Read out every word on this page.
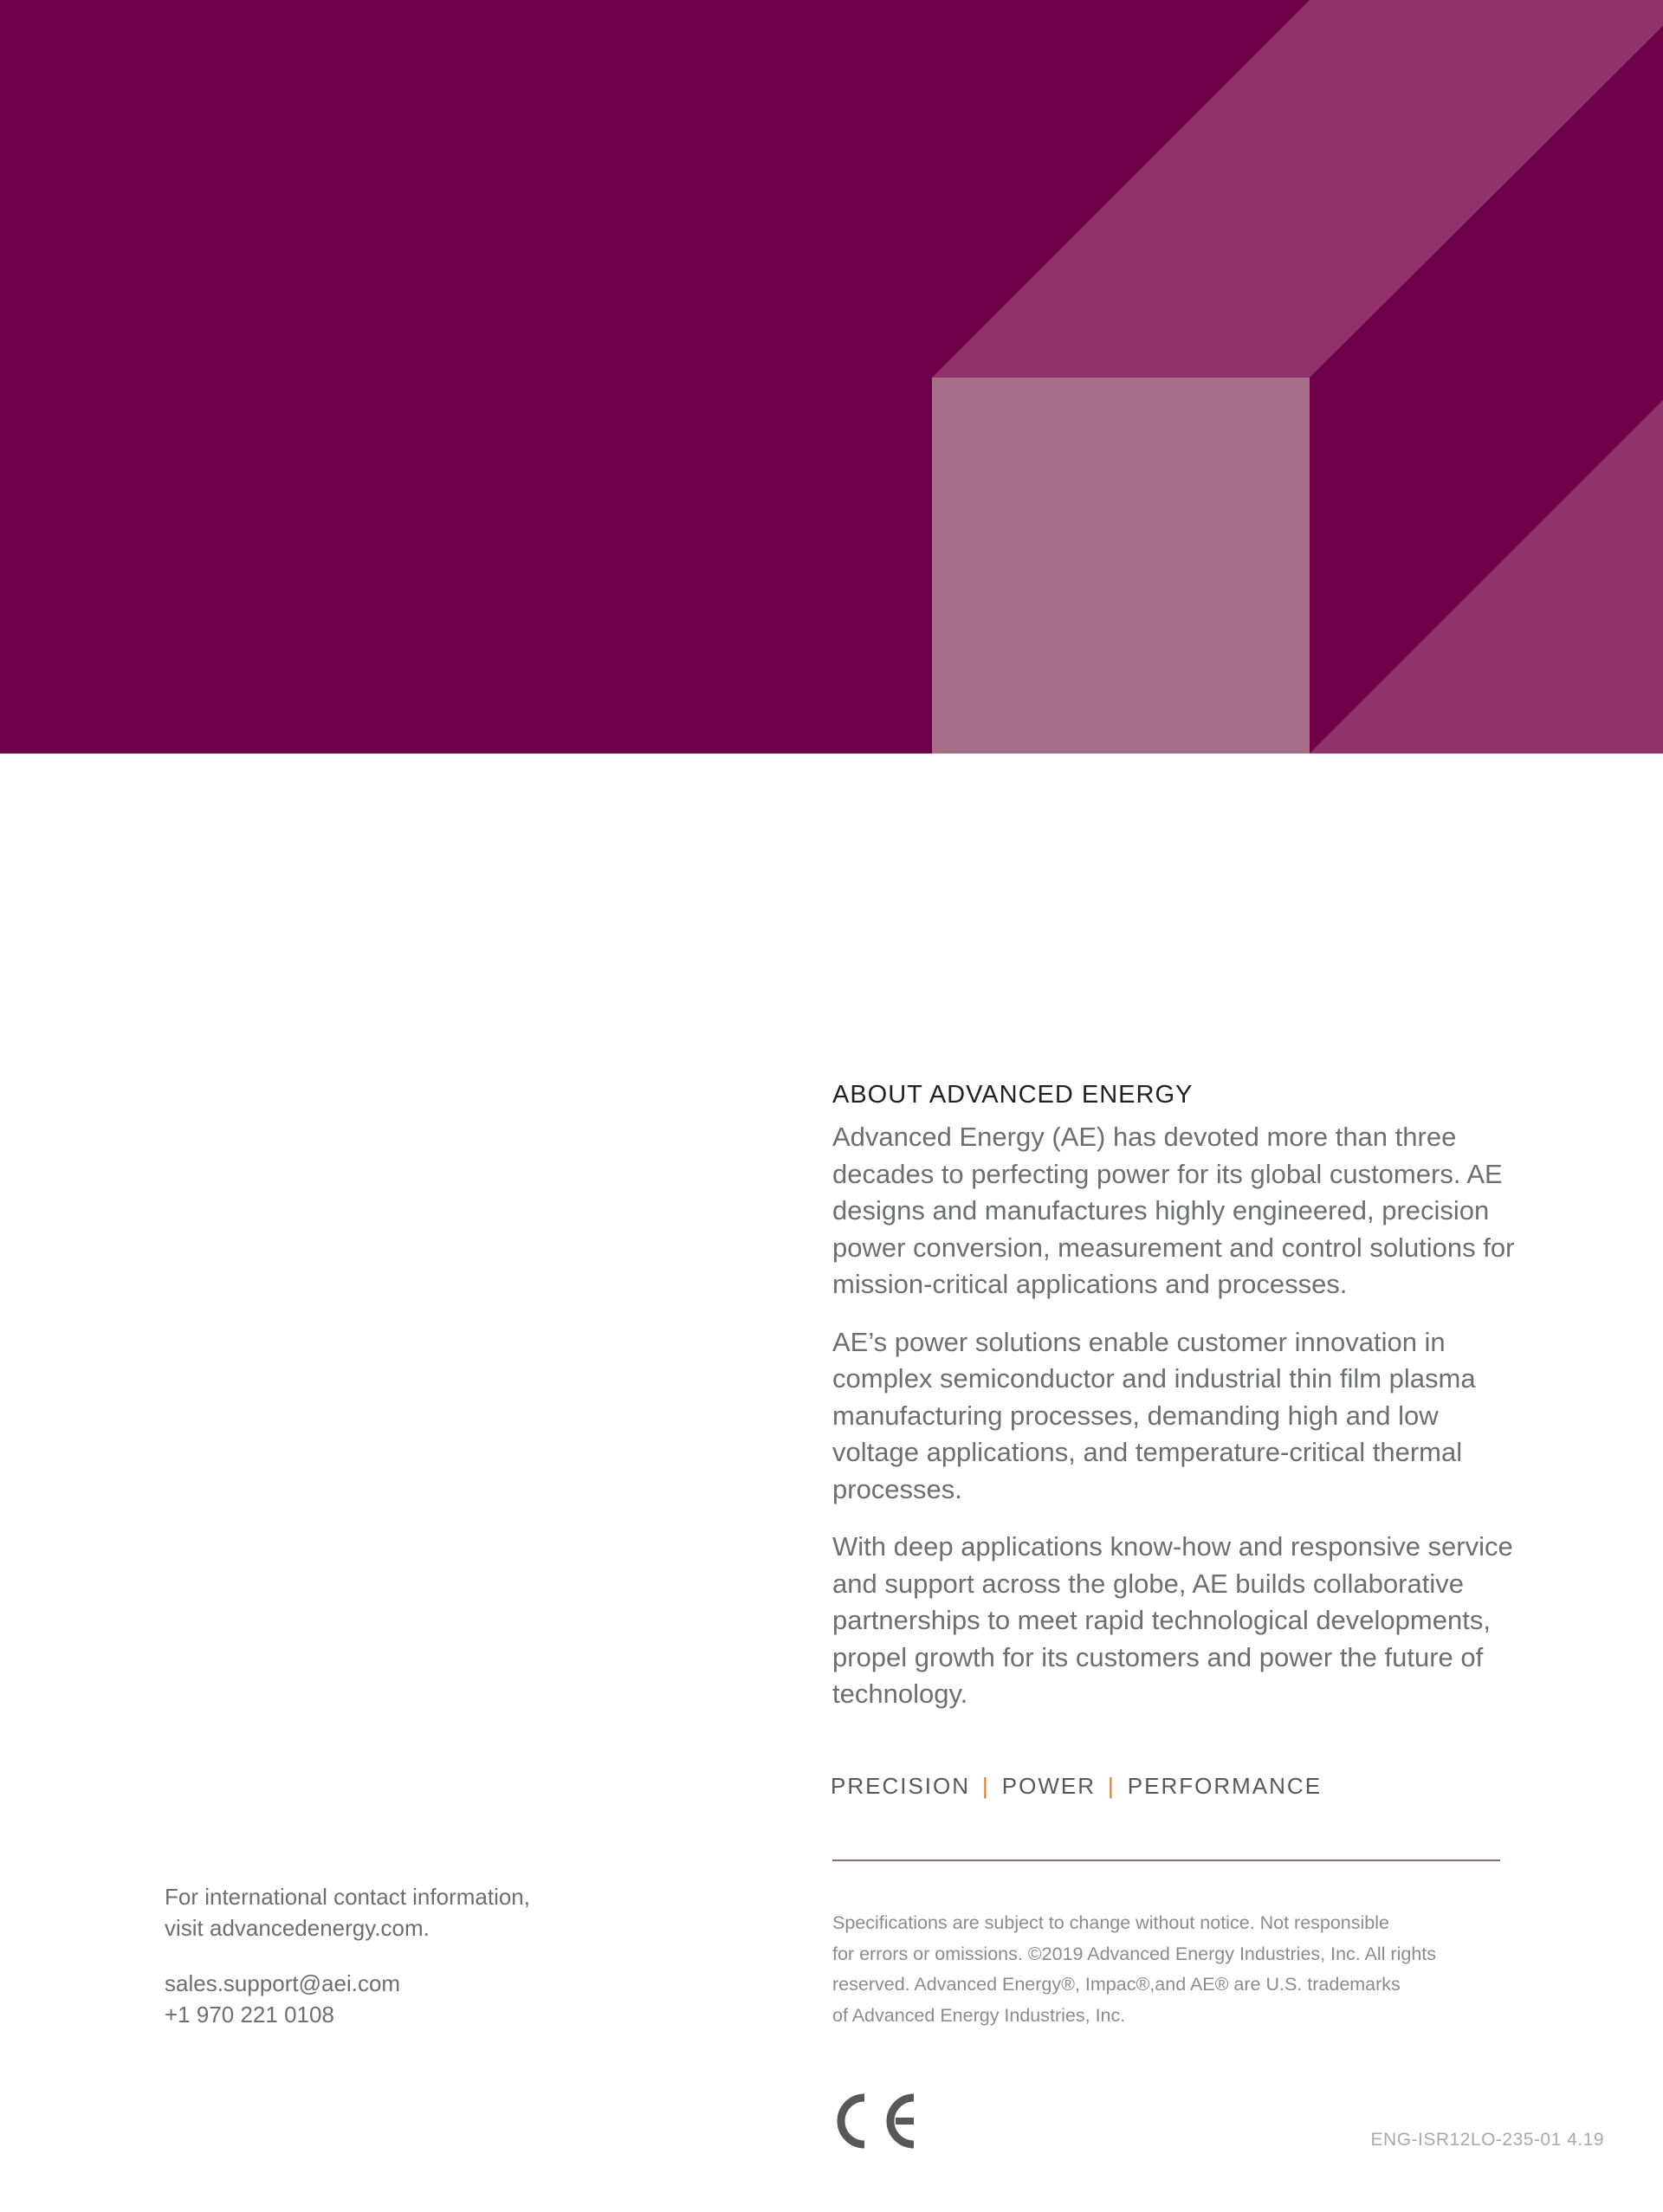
For international contact information,

visit advancedenergy.com.

sales.support@aei.com

+1 970 221 0108

ABOUT ADVANCED ENERGY

Advanced Energy (AE) has devoted more than three decades to perfecting power for its global customers. AE designs and manufactures highly engineered, precision power conversion, measurement and control solutions for mission-critical applications and processes.

AE’s power solutions enable customer innovation in complex semiconductor and industrial thin film plasma manufacturing processes, demanding high and low voltage applications, and temperature-critical thermal processes.

With deep applications know-how and responsive service and support across the globe, AE builds collaborative partnerships to meet rapid technological developments, propel growth for its customers and power the future of technology.

PRECISION | POWER | PERFORMANCE

Specifications are subject to change without notice. Not responsible

for errors or omissions. ©2019 Advanced Energy Industries, Inc. All rights

reserved. Advanced Energy®, Impac®,and AE® are U.S. trademarks

of Advanced Energy Industries, Inc.

ENG-ISR12LO-235-01 4.19
